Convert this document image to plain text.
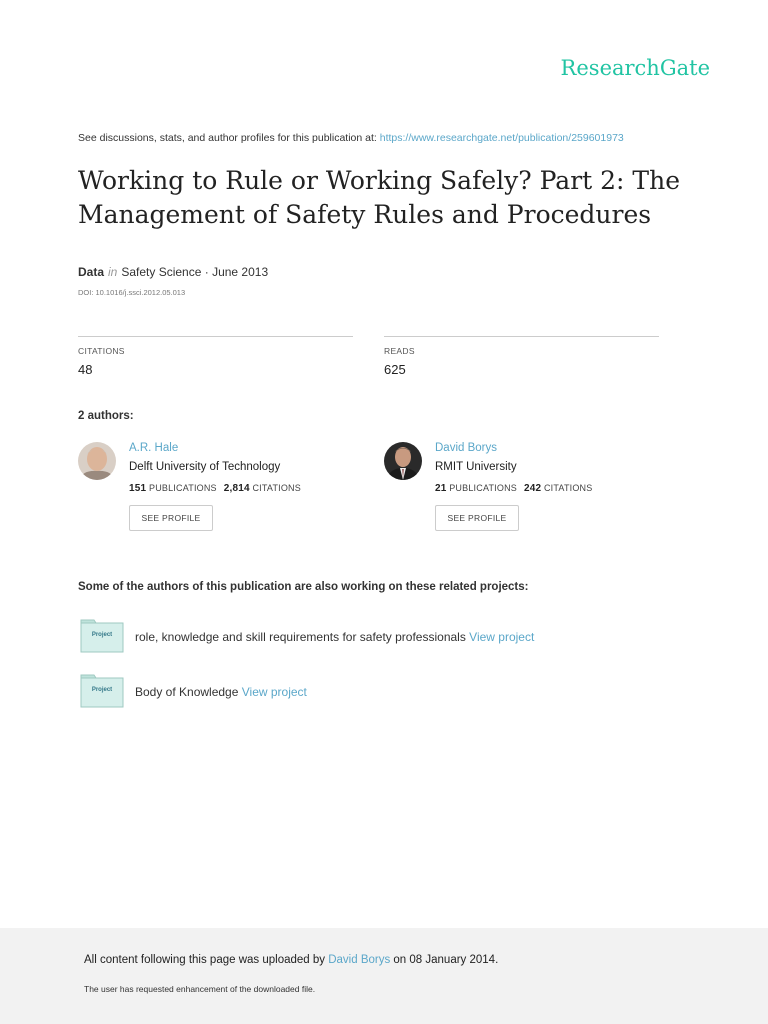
ResearchGate
See discussions, stats, and author profiles for this publication at: https://www.researchgate.net/publication/259601973
Working to Rule or Working Safely? Part 2: The Management of Safety Rules and Procedures
Data in Safety Science · June 2013
DOI: 10.1016/j.ssci.2012.05.013
CITATIONS
48
READS
625
2 authors:
A.R. Hale
Delft University of Technology
151 PUBLICATIONS 2,814 CITATIONS
SEE PROFILE
David Borys
RMIT University
21 PUBLICATIONS 242 CITATIONS
SEE PROFILE
Some of the authors of this publication are also working on these related projects:
Project	role, knowledge and skill requirements for safety professionals View project
Project	Body of Knowledge View project
All content following this page was uploaded by David Borys on 08 January 2014.
The user has requested enhancement of the downloaded file.
